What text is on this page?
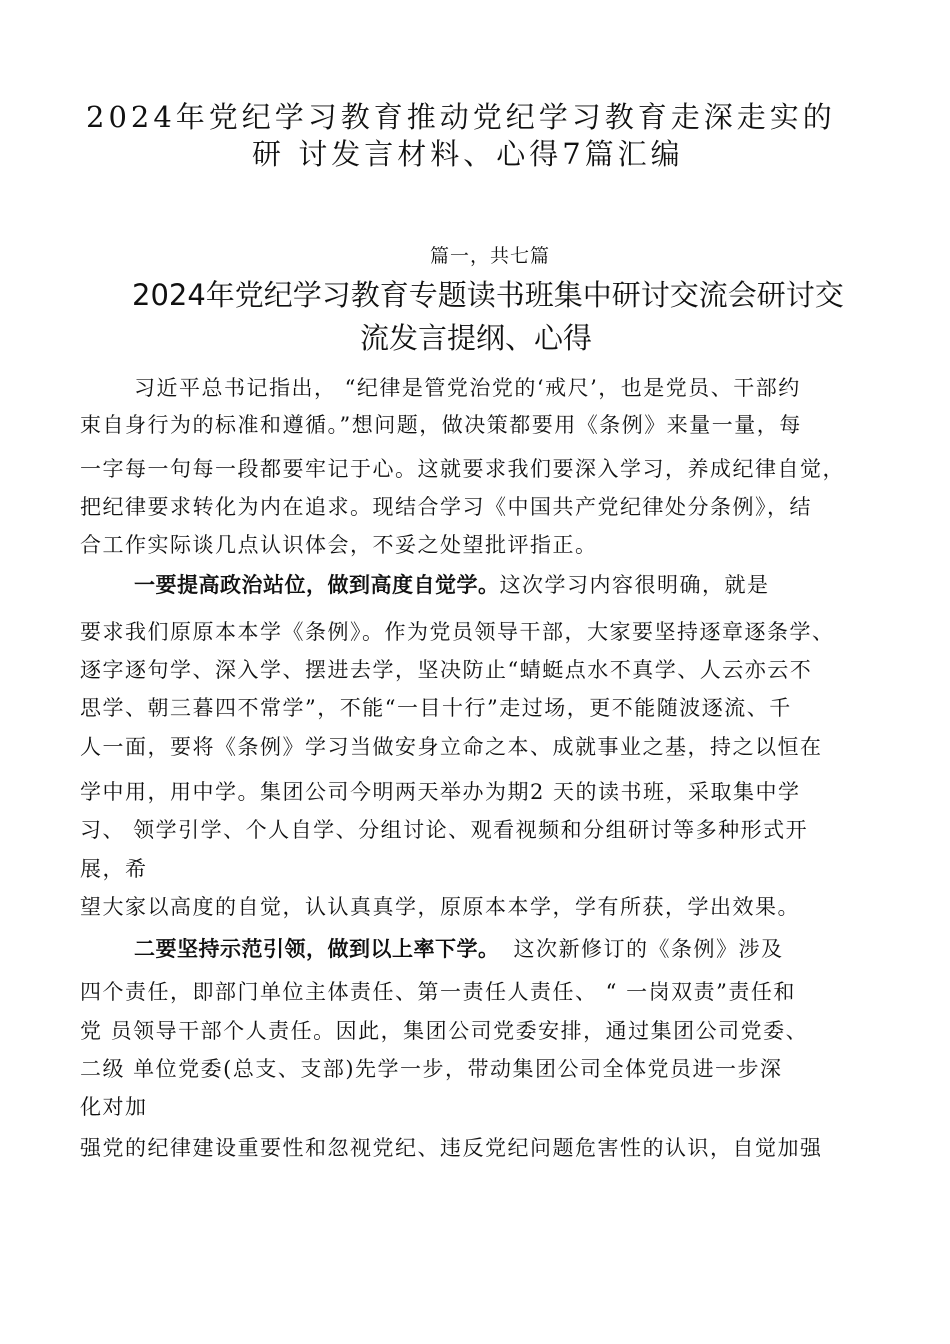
2024年党纪学习教育推动党纪学习教育走深走实的
研 讨发言材料、心得7篇汇编
篇一，共七篇
2024年党纪学习教育专题读书班集中研讨交流会研讨交
流发言提纲、心得
习近平总书记指出， “纪律是管党治党的‘戒尺’，也是党员、干部约
束自身行为的标准和遵循。”想问题，做决策都要用《条例》来量一量，每
一字每一句每一段都要牢记于心。这就要求我们要深入学习，养成纪律自觉，
把纪律要求转化为内在追求。现结合学习《中国共产党纪律处分条例》，结
合工作实际谈几点认识体会，不妥之处望批评指正。
一要提高政治站位，做到高度自觉学。这次学习内容很明确，就是
要求我们原原本本学《条例》。作为党员领导干部，大家要坚持逐章逐条学、
逐字逐句学、深入学、摆进去学，坚决防止“蜻蜓点水不真学、人云亦云不
思学、朝三暮四不常学”，不能“一目十行”走过场，更不能随波逐流、千
人一面，要将《条例》学习当做安身立命之本、成就事业之基，持之以恒在
学中用，用中学。集团公司今明两天举办为期2 天的读书班，采取集中学
习、 领学引学、个人自学、分组讨论、观看视频和分组研讨等多种形式开
展，希
望大家以高度的自觉，认认真真学，原原本本学，学有所获，学出效果。
二要坚持示范引领，做到以上率下学。 这次新修订的《条例》涉及
四个责任，即部门单位主体责任、第一责任人责任、 “ 一岗双责”责任和
党 员领导干部个人责任。因此，集团公司党委安排，通过集团公司党委、
二级 单位党委(总支、支部)先学一步，带动集团公司全体党员进一步深
化对加
强党的纪律建设重要性和忽视党纪、违反党纪问题危害性的认识，自觉加强
